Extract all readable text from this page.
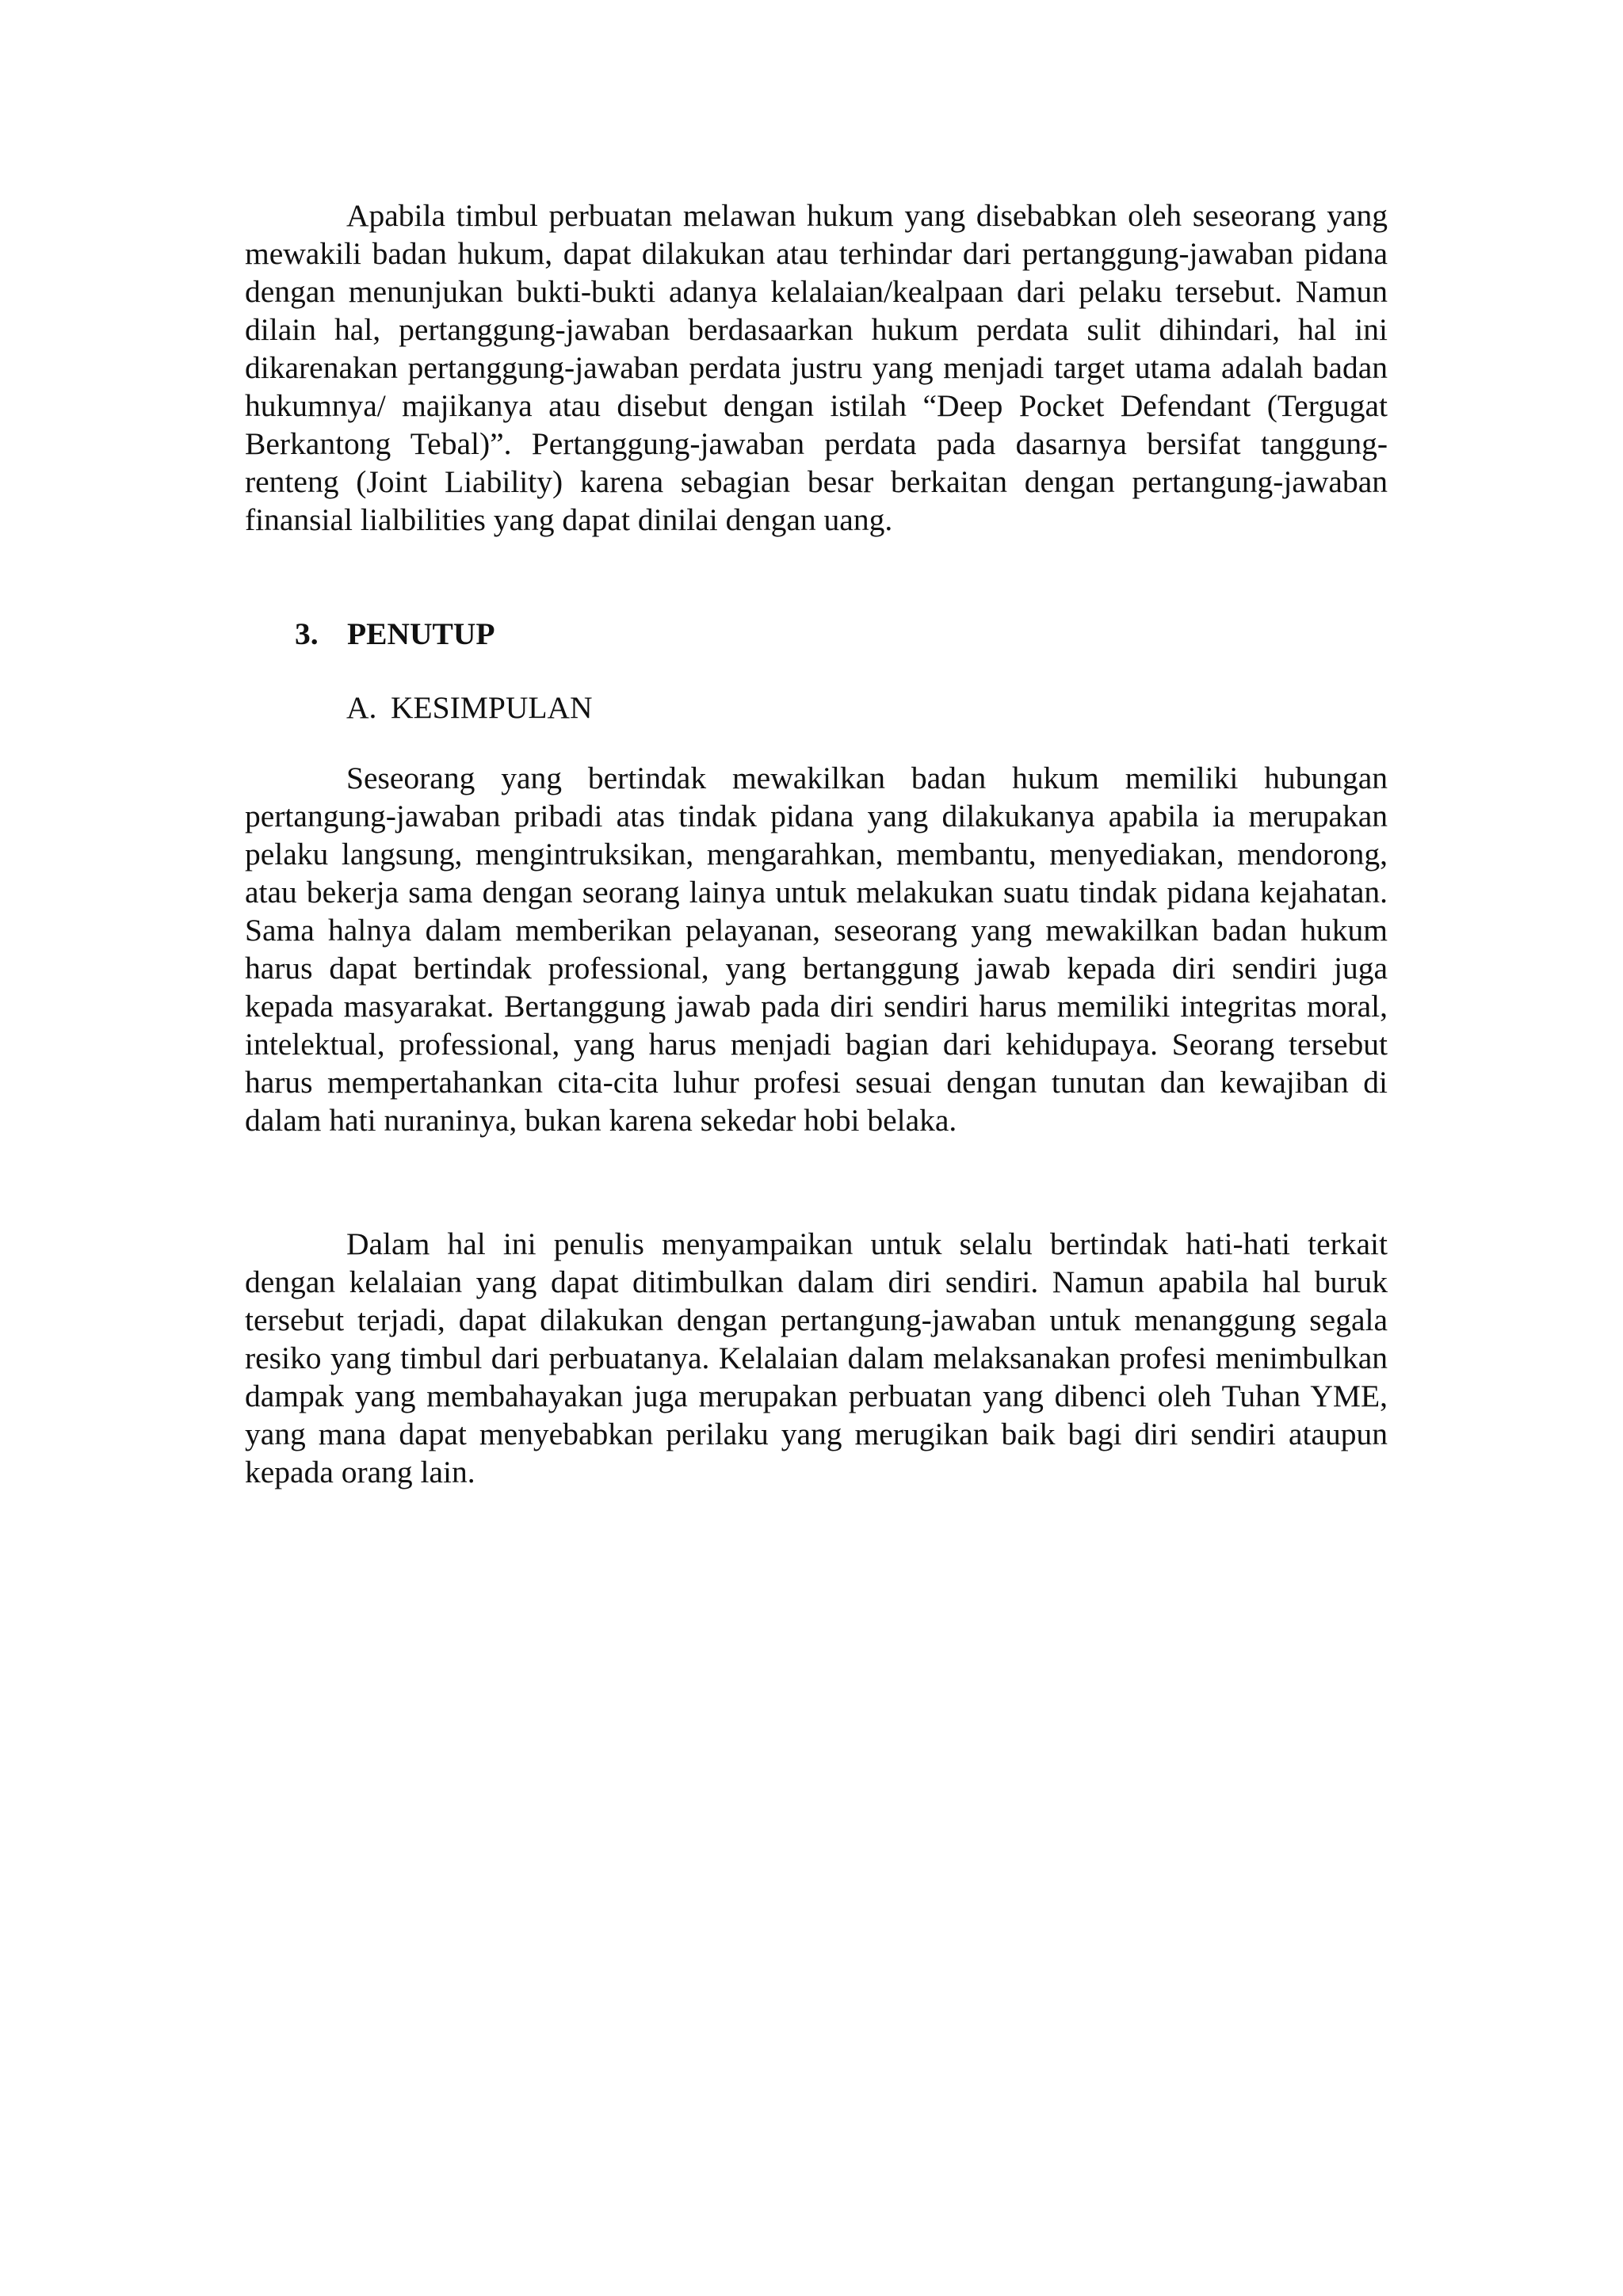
Apabila timbul perbuatan melawan hukum yang disebabkan oleh seseorang yang mewakili badan hukum, dapat dilakukan atau terhindar dari pertanggung-jawaban pidana dengan menunjukan bukti-bukti adanya kelalaian/kealpaan dari pelaku tersebut. Namun dilain hal, pertanggung-jawaban berdasaarkan hukum perdata sulit dihindari, hal ini dikarenakan pertanggung-jawaban perdata justru yang menjadi target utama adalah badan hukumnya/ majikanya atau disebut dengan istilah “Deep Pocket Defendant (Tergugat Berkantong Tebal)”. Pertanggung-jawaban perdata pada dasarnya bersifat tanggung-renteng (Joint Liability) karena sebagian besar berkaitan dengan pertangung-jawaban finansial lialbilities yang dapat dinilai dengan uang.

3. PENUTUP
A. KESIMPULAN

Seseorang yang bertindak mewakilkan badan hukum memiliki hubungan pertangung-jawaban pribadi atas tindak pidana yang dilakukanya apabila ia merupakan pelaku langsung, mengintruksikan, mengarahkan, membantu, menyediakan, mendorong, atau bekerja sama dengan seorang lainya untuk melakukan suatu tindak pidana kejahatan. Sama halnya dalam memberikan pelayanan, seseorang yang mewakilkan badan hukum harus dapat bertindak professional, yang bertanggung jawab kepada diri sendiri juga kepada masyarakat. Bertanggung jawab pada diri sendiri harus memiliki integritas moral, intelektual, professional, yang harus menjadi bagian dari kehidupaya. Seorang tersebut harus mempertahankan cita-cita luhur profesi sesuai dengan tunutan dan kewajiban di dalam hati nuraninya, bukan karena sekedar hobi belaka.

Dalam hal ini penulis menyampaikan untuk selalu bertindak hati-hati terkait dengan kelalaian yang dapat ditimbulkan dalam diri sendiri. Namun apabila hal buruk tersebut terjadi, dapat dilakukan dengan pertangung-jawaban untuk menanggung segala resiko yang timbul dari perbuatanya. Kelalaian dalam melaksanakan profesi menimbulkan dampak yang membahayakan juga merupakan perbuatan yang dibenci oleh Tuhan YME, yang mana dapat menyebabkan perilaku yang merugikan baik bagi diri sendiri ataupun kepada orang lain.
